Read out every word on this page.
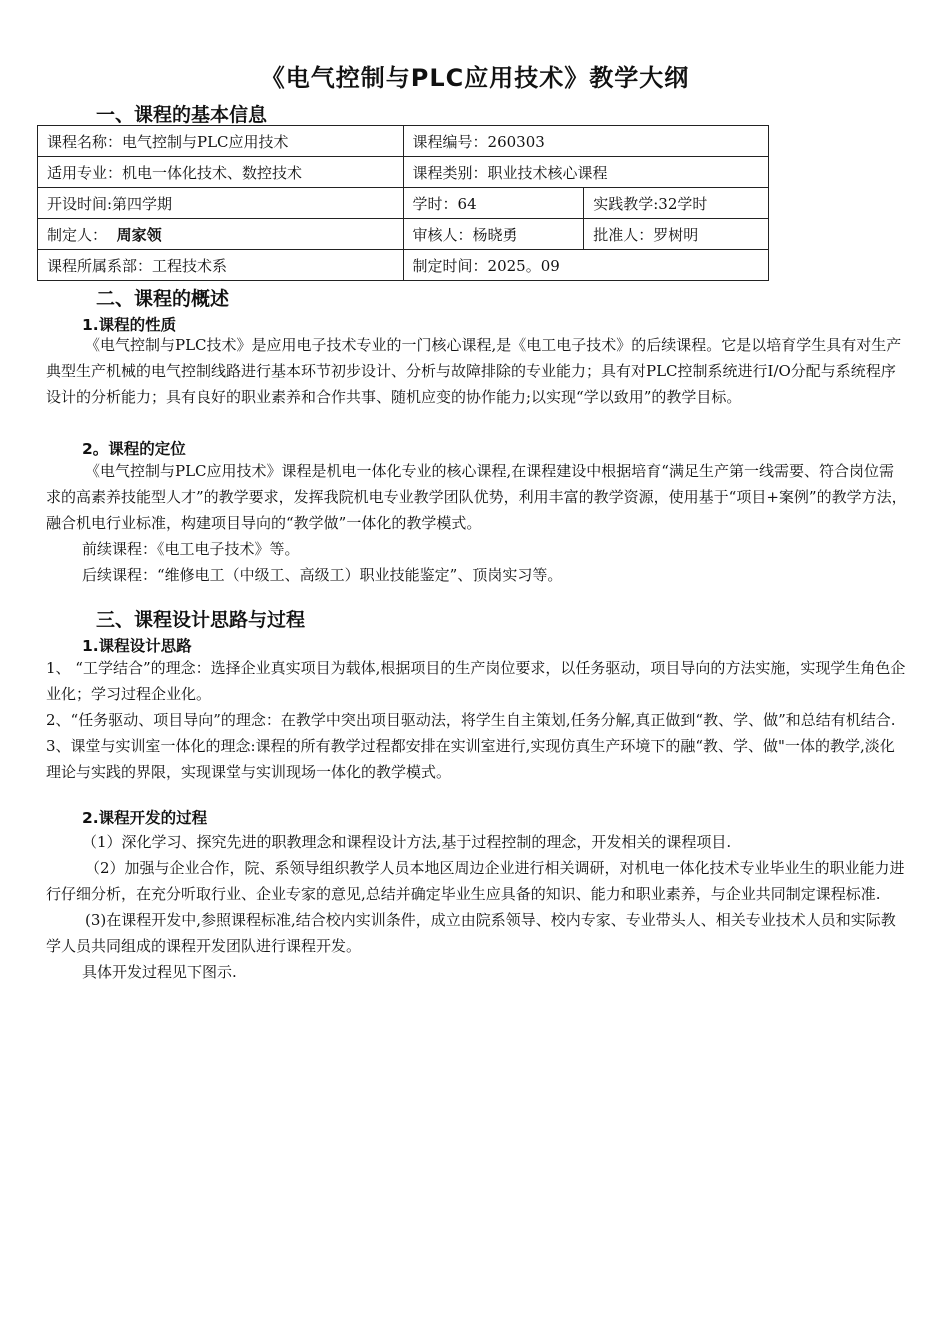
《电气控制与PLC应用技术》教学大纲
一、课程的基本信息
课程名称：电气控制与PLC应用技术	课程编号：260303	
适用专业：机电一体化技术、数控技术	课程类别：职业技术核心课程	
开设时间:第四学期	学时：64	实践教学:32学时
制定人： 周家领	审核人：杨晓勇	批准人：罗树明
课程所属系部：工程技术系	制定时间：2025。09	
二、课程的概述
1.课程的性质

《电气控制与PLC技术》是应用电子技术专业的一门核心课程,是《电工电子技术》的后续课程。它是以培育学生具有对生产典型生产机械的电气控制线路进行基本环节初步设计、分析与故障排除的专业能力；具有对PLC控制系统进行I/O分配与系统程序设计的分析能力；具有良好的职业素养和合作共事、随机应变的协作能力;以实现“学以致用”的教学目标。

2。课程的定位

《电气控制与PLC应用技术》课程是机电一体化专业的核心课程,在课程建设中根据培育“满足生产第一线需要、符合岗位需求的高素养技能型人才”的教学要求，发挥我院机电专业教学团队优势，利用丰富的教学资源，使用基于“项目+案例”的教学方法，融合机电行业标准，构建项目导向的“教学做”一体化的教学模式。

前续课程：《电工电子技术》等。

后续课程：“维修电工（中级工、高级工）职业技能鉴定”、顶岗实习等。

三、课程设计思路与过程
1.课程设计思路

1、 “工学结合”的理念：选择企业真实项目为载体,根据项目的生产岗位要求，以任务驱动，项目导向的方法实施，实现学生角色企业化；学习过程企业化。

2、“任务驱动、项目导向”的理念：在教学中突出项目驱动法，将学生自主策划,任务分解,真正做到“教、学、做”和总结有机结合.

3、课堂与实训室一体化的理念:课程的所有教学过程都安排在实训室进行,实现仿真生产环境下的融“教、学、做"一体的教学,淡化理论与实践的界限，实现课堂与实训现场一体化的教学模式。

2.课程开发的过程

（1）深化学习、探究先进的职教理念和课程设计方法,基于过程控制的理念，开发相关的课程项目.

（2）加强与企业合作，院、系领导组织教学人员本地区周边企业进行相关调研，对机电一体化技术专业毕业生的职业能力进行仔细分析，在充分听取行业、企业专家的意见,总结并确定毕业生应具备的知识、能力和职业素养，与企业共同制定课程标准.

(3)在课程开发中,参照课程标准,结合校内实训条件，成立由院系领导、校内专家、专业带头人、相关专业技术人员和实际教学人员共同组成的课程开发团队进行课程开发。

具体开发过程见下图示.
